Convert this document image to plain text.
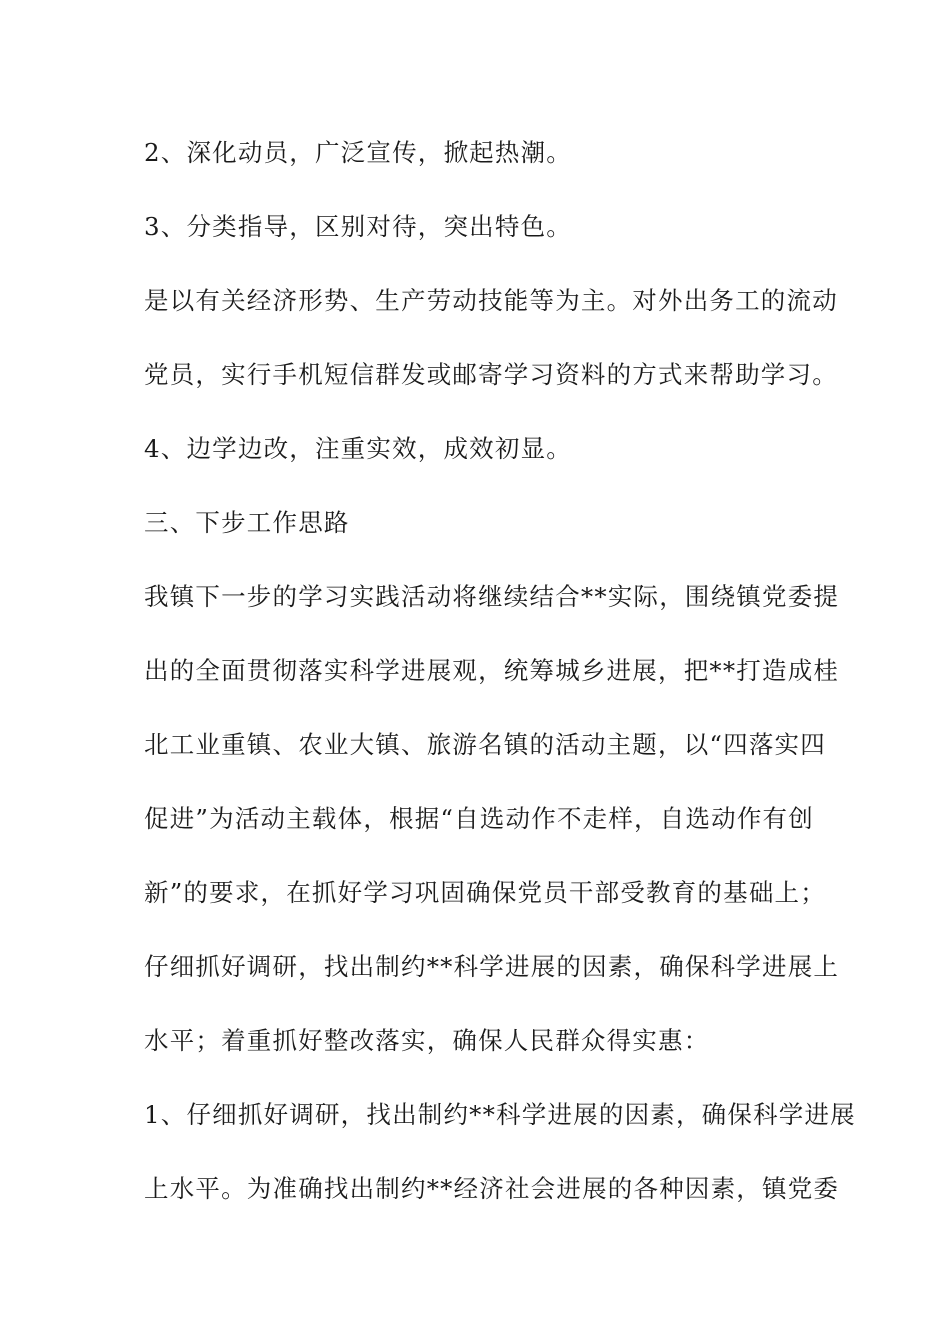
2、深化动员，广泛宣传，掀起热潮。
3、分类指导，区别对待，突出特色。
是以有关经济形势、生产劳动技能等为主。对外出务工的流动
党员，实行手机短信群发或邮寄学习资料的方式来帮助学习。
4、边学边改，注重实效，成效初显。
三、下步工作思路
我镇下一步的学习实践活动将继续结合**实际，围绕镇党委提
出的全面贯彻落实科学进展观，统筹城乡进展，把**打造成桂
北工业重镇、农业大镇、旅游名镇的活动主题，以“四落实四
促进”为活动主载体，根据“自选动作不走样，自选动作有创
新”的要求，在抓好学习巩固确保党员干部受教育的基础上；
仔细抓好调研，找出制约**科学进展的因素，确保科学进展上
水平；着重抓好整改落实，确保人民群众得实惠：
1、仔细抓好调研，找出制约**科学进展的因素，确保科学进展
上水平。为准确找出制约**经济社会进展的各种因素，镇党委
